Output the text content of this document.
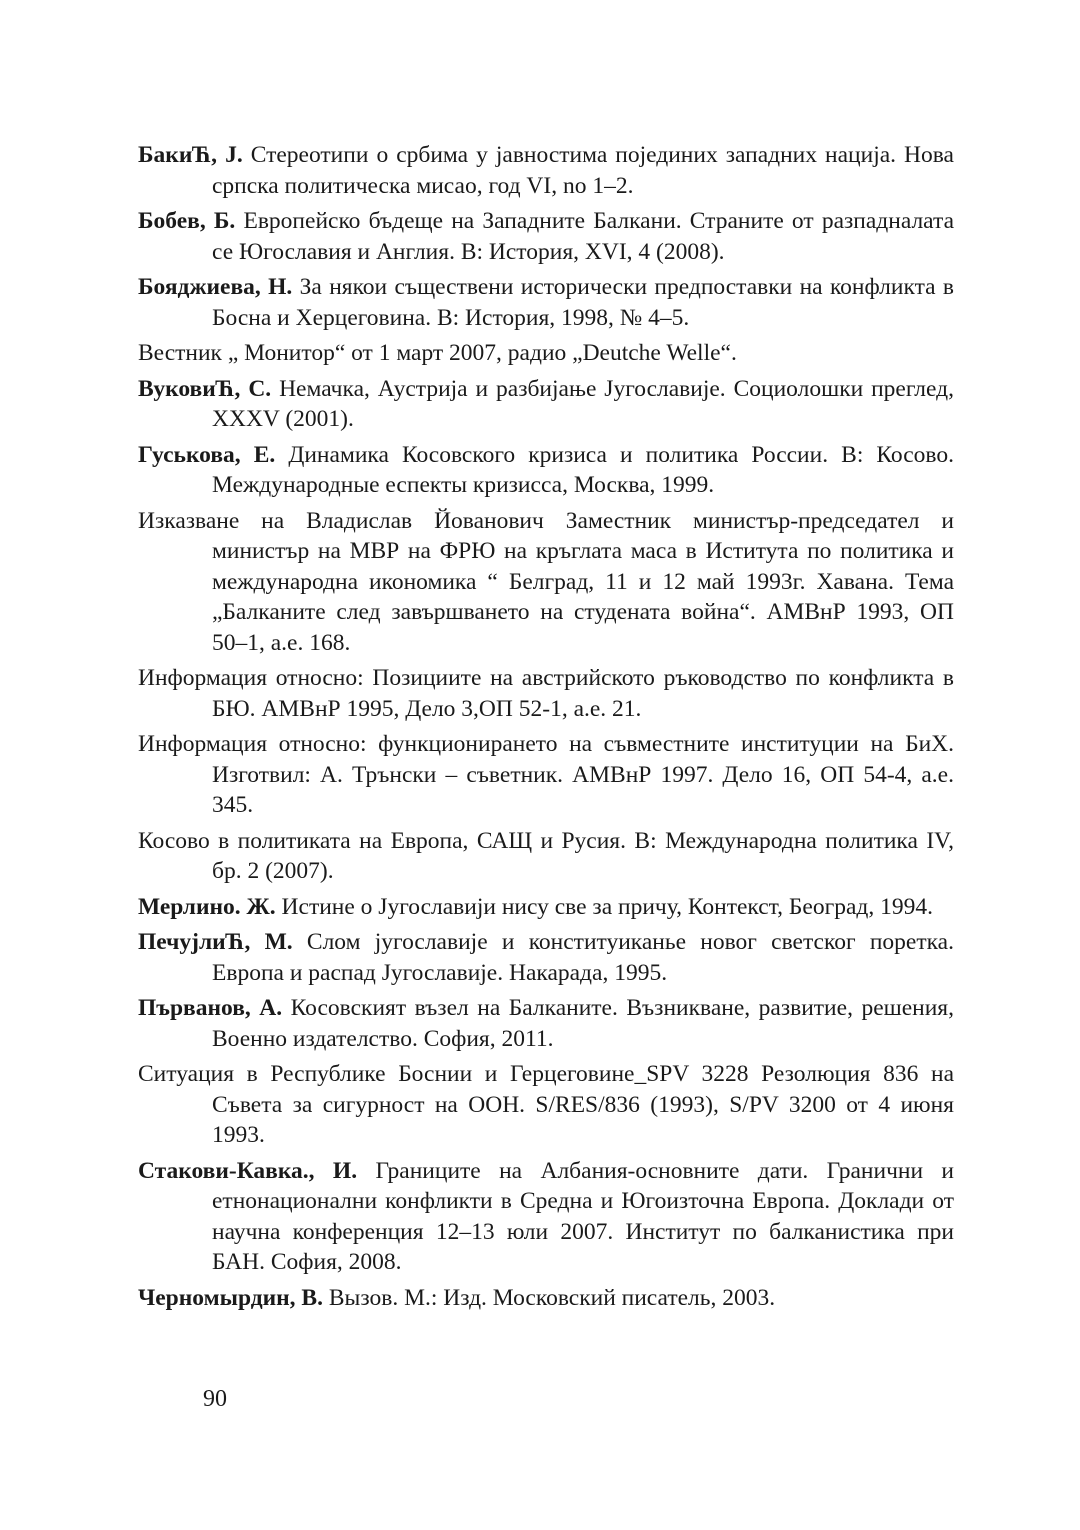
БакиЋ, Ј. Стереотипи о србима у јавностима појединих западних нација. Нова српска политическа мисао, год VI, no 1–2.

Бобев, Б. Европейско бъдеще на Западните Балкани. Страните от разпадналата се Югославия и Англия. В: История, XVI, 4 (2008).

Бояджиева, Н. За някои съществени исторически предпоставки на конфликта в Босна и Херцеговина. В: История, 1998, № 4–5.

Вестник „ Монитор“ от 1 март 2007, радио „Deutche Welle“.

ВуковиЋ, С. Немачка, Аустрија и разбијање Југославије. Социолошки преглед, XXXV (2001).

Гуськова, Е. Динамика Косовского кризиса и политика России. В: Косово. Международные еспекты кризисса, Москва, 1999.

Изказване на Владислав Йованович Заместник министър-председател и министър на МВР на ФРЮ на кръглата маса в Иститута по политика и международна икономика “ Белград, 11 и 12 май 1993г. Хавана. Тема „Балканите след завършването на студената война“. АМВнР 1993, ОП 50–1, а.е. 168.

Информация относно: Позициите на австрийското ръководство по конфликта в БЮ. АМВнР 1995, Дело 3,ОП 52-1, а.е. 21.

Информация относно: функционирането на съвместните институции на БиХ. Изготвил: А. Трънски – съветник. АМВнР 1997. Дело 16, ОП 54-4, а.е. 345.

Косово в политиката на Европа, САЩ и Русия. В: Международна политика IV, бр. 2 (2007).

Мерлино. Ж. Истине о Југославији нису све за причу, Контекст, Београд, 1994.

ПечујлиЋ, М. Слом југославије и конституиканье новог светског поретка. Европа и распад Југославије. Накарада, 1995.

Първанов, А. Косовският възел на Балканите. Възникване, развитие, решения, Военно издателство. София, 2011.

Ситуация в Республике Боснии и Герцеговине_SPV 3228 Резолюция 836 на Съвета за сигурност на ООН. S/RES/836 (1993), S/PV 3200 от 4 июня 1993.

Стакови-Кавка., И. Границите на Албания-основните дати. Гранични и етнонационални конфликти в Средна и Югоизточна Европа. Доклади от научна конференция 12–13 юли 2007. Институт по балканистика при БАН. София, 2008.

Черномырдин, В. Вызов. М.: Изд. Московский писатель, 2003.

90
